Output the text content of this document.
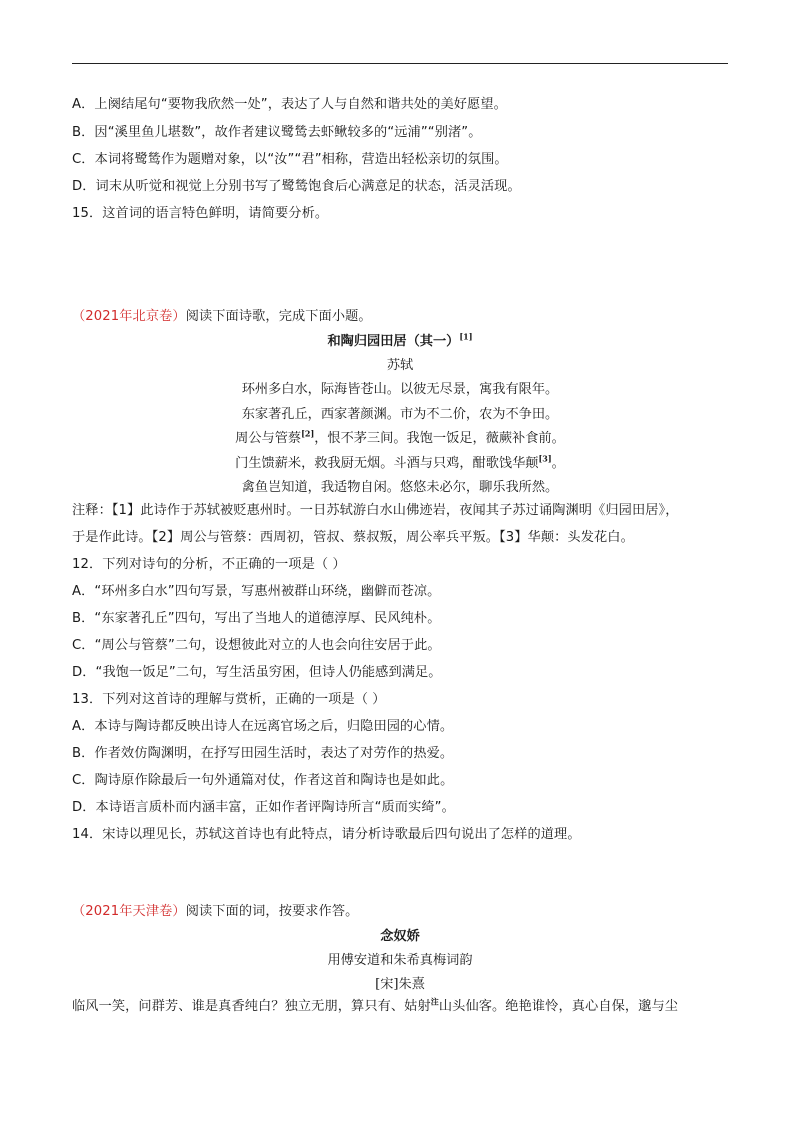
A．上阕结尾句“要物我欣然一处”，表达了人与自然和谐共处的美好愿望。
B．因“溪里鱼儿堪数”，故作者建议鹭鸶去虾鳅较多的“远浦”“别渚”。
C．本词将鹭鸶作为题赠对象，以“汝”“君”相称，营造出轻松亲切的氛围。
D．词末从听觉和视觉上分别书写了鹭鸶饱食后心满意足的状态，活灵活现。
15．这首词的语言特色鲜明，请简要分析。
（2021年北京卷）阅读下面诗歌，完成下面小题。
和陶归园田居（其一）[1]
苏轼
环州多白水，际海皆苍山。以彼无尽景，寓我有限年。
东家著孔丘，西家著颜渊。市为不二价，农为不争田。
周公与管蔡[2]，恨不茅三间。我饱一饭足，薇蕨补食前。
门生馈薪米，救我厨无烟。斗酒与只鸡，酣歌饯华颠[3]。
禽鱼岂知道，我适物自闲。悠悠未必尔，聊乐我所然。
注释：【1】此诗作于苏轼被贬惠州时。一日苏轼游白水山佛迹岩，夜闻其子苏过诵陶渊明《归园田居》，
于是作此诗。【2】周公与管蔡：西周初，管叔、蔡叔叛，周公率兵平叛。【3】华颠：头发花白。
12．下列对诗句的分析，不正确的一项是（ ）
A．“环州多白水”四句写景，写惠州被群山环绕，幽僻而苍凉。
B．“东家著孔丘”四句，写出了当地人的道德淳厚、民风纯朴。
C．“周公与管蔡”二句，设想彼此对立的人也会向往安居于此。
D．“我饱一饭足”二句，写生活虽穷困，但诗人仍能感到满足。
13．下列对这首诗的理解与赏析，正确的一项是（ ）
A．本诗与陶诗都反映出诗人在远离官场之后，归隐田园的心情。
B．作者效仿陶渊明，在抒写田园生活时，表达了对劳作的热爱。
C．陶诗原作除最后一句外通篇对仗，作者这首和陶诗也是如此。
D．本诗语言质朴而内涵丰富，正如作者评陶诗所言“质而实绮”。
14．宋诗以理见长，苏轼这首诗也有此特点，请分析诗歌最后四句说出了怎样的道理。
（2021年天津卷）阅读下面的词，按要求作答。
念奴娇
用傅安道和朱希真梅词韵
[宋]朱熹
临风一笑，问群芳、谁是真香纯白？独立无朋，算只有、姑射$^注$山头仙客。绝艳谁怜，真心自保，邈与尘
